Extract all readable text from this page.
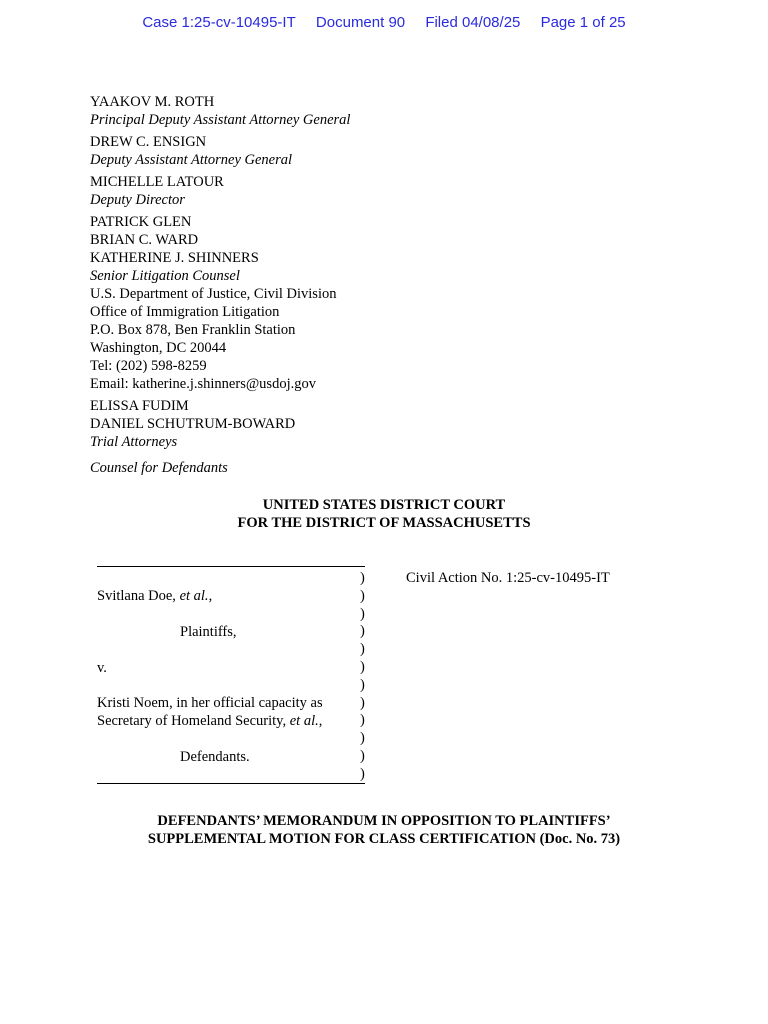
Case 1:25-cv-10495-IT Document 90 Filed 04/08/25 Page 1 of 25
YAAKOV M. ROTH
Principal Deputy Assistant Attorney General
DREW C. ENSIGN
Deputy Assistant Attorney General
MICHELLE LATOUR
Deputy Director
PATRICK GLEN
BRIAN C. WARD
KATHERINE J. SHINNERS
Senior Litigation Counsel
U.S. Department of Justice, Civil Division
Office of Immigration Litigation
P.O. Box 878, Ben Franklin Station
Washington, DC 20044
Tel: (202) 598-8259
Email: katherine.j.shinners@usdoj.gov
ELISSA FUDIM
DANIEL SCHUTRUM-BOWARD
Trial Attorneys
Counsel for Defendants
UNITED STATES DISTRICT COURT
FOR THE DISTRICT OF MASSACHUSETTS
)
)
)
)
)
)
)
)
)
)
)
)
Svitlana Doe, et al.,
Plaintiffs,
v.
Kristi Noem, in her official capacity as
Secretary of Homeland Security, et al.,
Defendants.
Civil Action No. 1:25-cv-10495-IT
DEFENDANTS’ MEMORANDUM IN OPPOSITION TO PLAINTIFFS’
SUPPLEMENTAL MOTION FOR CLASS CERTIFICATION (Doc. No. 73)
